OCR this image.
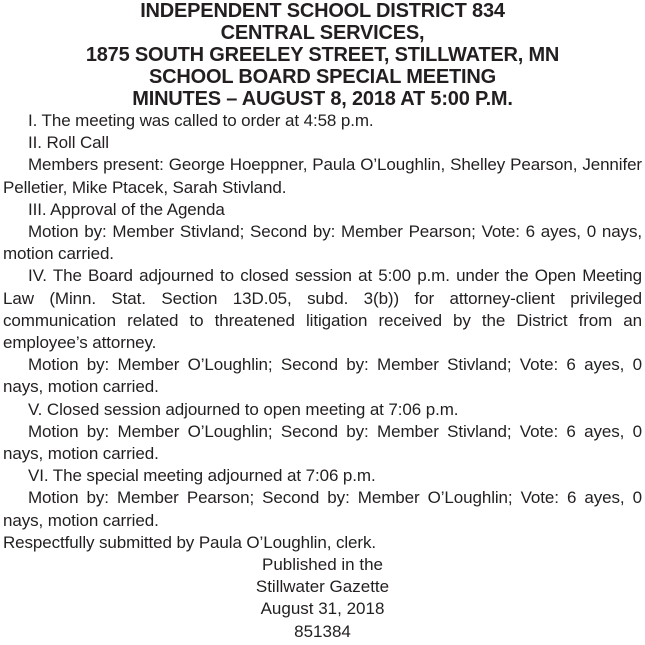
INDEPENDENT SCHOOL DISTRICT 834
CENTRAL SERVICES,
1875 SOUTH GREELEY STREET, STILLWATER, MN
SCHOOL BOARD SPECIAL MEETING
MINUTES – AUGUST 8, 2018 AT 5:00 P.M.

I. The meeting was called to order at 4:58 p.m.

II. Roll Call

Members present: George Hoeppner, Paula O’Loughlin, Shelley Pearson, Jennifer Pelletier, Mike Ptacek, Sarah Stivland.

III. Approval of the Agenda

Motion by: Member Stivland; Second by: Member Pearson; Vote: 6 ayes, 0 nays, motion carried.

IV. The Board adjourned to closed session at 5:00 p.m. under the Open Meeting Law (Minn. Stat. Section 13D.05, subd. 3(b)) for attorney-client privileged communication related to threatened litigation received by the District from an employee’s attorney.

Motion by: Member O’Loughlin; Second by: Member Stivland; Vote: 6 ayes, 0 nays, motion carried.

V. Closed session adjourned to open meeting at 7:06 p.m.

Motion by: Member O’Loughlin; Second by: Member Stivland; Vote: 6 ayes, 0 nays, motion carried.

VI. The special meeting adjourned at 7:06 p.m.

Motion by: Member Pearson; Second by: Member O’Loughlin; Vote: 6 ayes, 0 nays, motion carried.

Respectfully submitted by Paula O’Loughlin, clerk.

Published in the
Stillwater Gazette
August 31, 2018
851384
